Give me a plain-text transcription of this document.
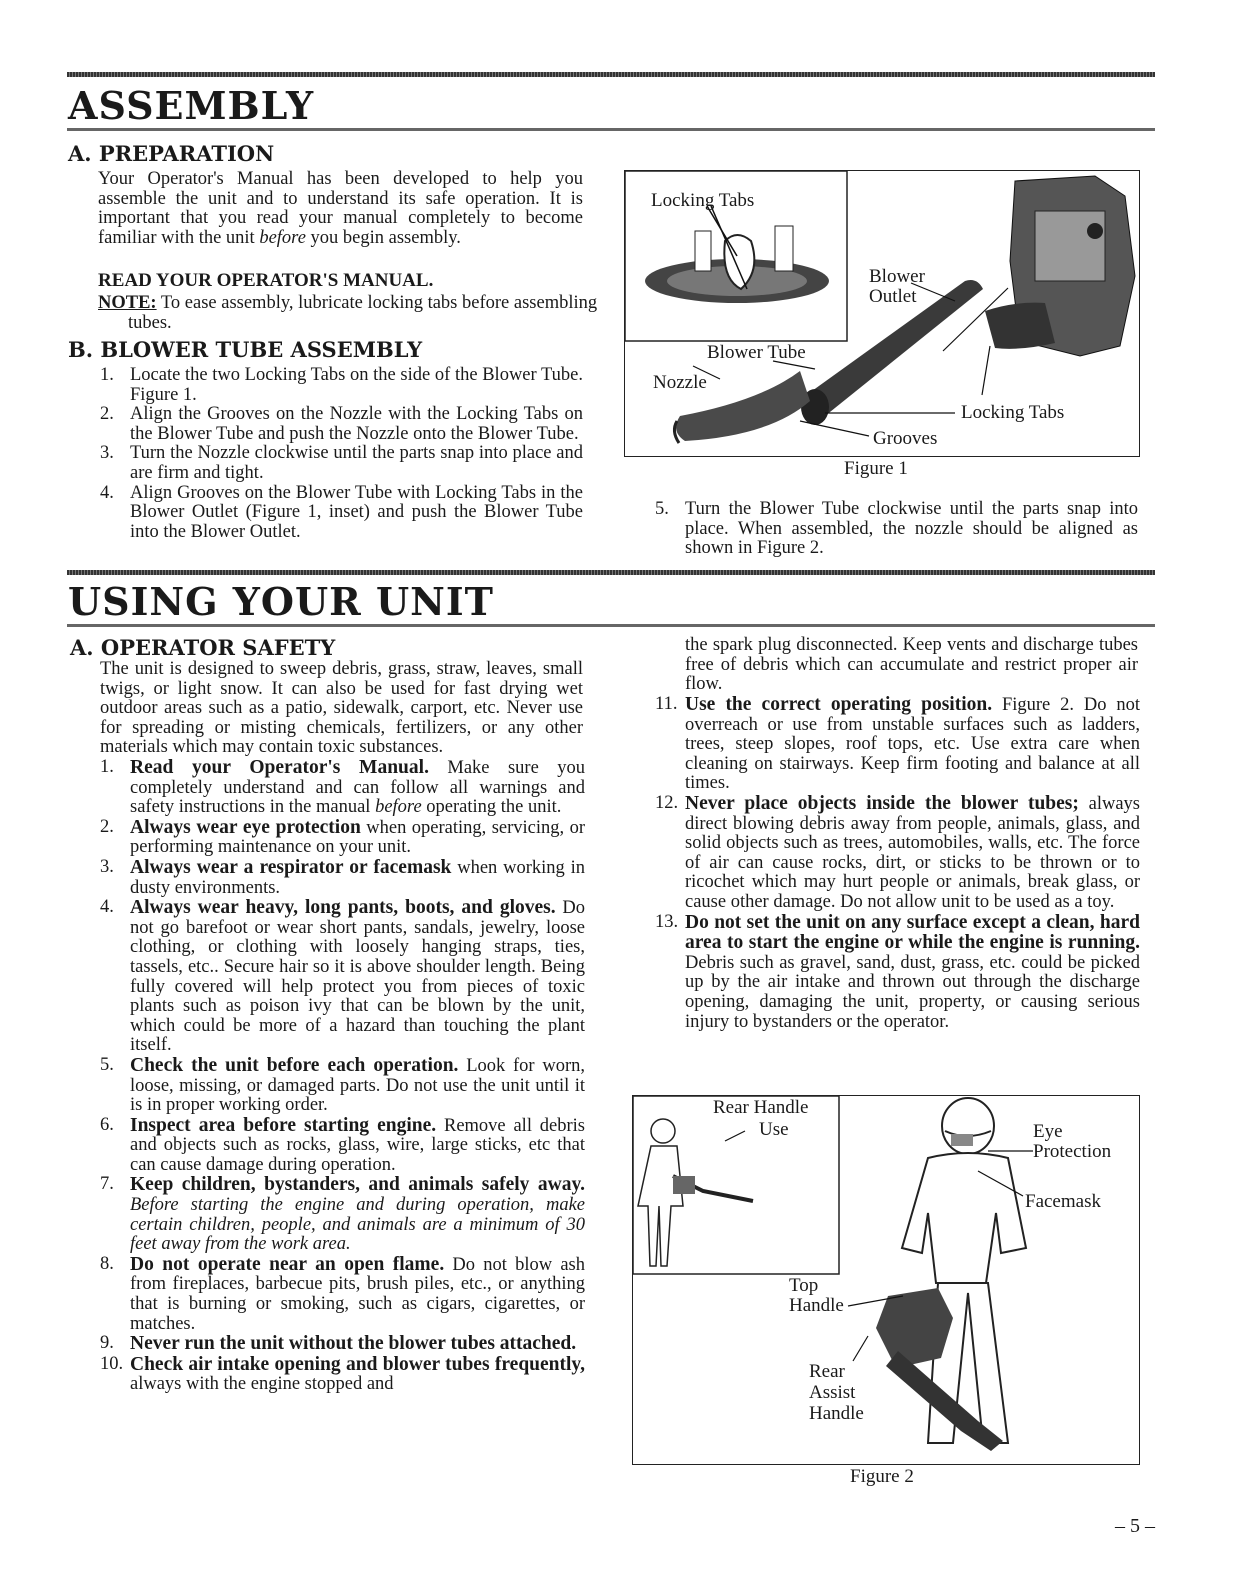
ASSEMBLY
A. PREPARATION

Your Operator's Manual has been developed to help you assemble the unit and to understand its safe operation. It is important that you read your manual completely to become familiar with the unit before you begin assembly.

READ YOUR OPERATOR'S MANUAL.

NOTE: To ease assembly, lubricate locking tabs before assembling tubes.

B. BLOWER TUBE ASSEMBLY
1. Locate the two Locking Tabs on the side of the Blower Tube. Figure 1.
2. Align the Grooves on the Nozzle with the Locking Tabs on the Blower Tube and push the Nozzle onto the Blower Tube.
3. Turn the Nozzle clockwise until the parts snap into place and are firm and tight.
4. Align Grooves on the Blower Tube with Locking Tabs in the Blower Outlet (Figure 1, inset) and push the Blower Tube into the Blower Outlet.
Locking Tabs
Blower
Outlet
Blower Tube
Nozzle
Locking Tabs
Grooves
Figure 1
5. Turn the Blower Tube clockwise until the parts snap into place. When assembled, the nozzle should be aligned as shown in Figure 2.
USING YOUR UNIT
A. OPERATOR SAFETY

The unit is designed to sweep debris, grass, straw, leaves, small twigs, or light snow. It can also be used for fast drying wet outdoor areas such as a patio, sidewalk, carport, etc. Never use for spreading or misting chemicals, fertilizers, or any other materials which may contain toxic substances.

1. Read your Operator's Manual. Make sure you completely understand and can follow all warnings and safety instructions in the manual before operating the unit.
2. Always wear eye protection when operating, servicing, or performing maintenance on your unit.
3. Always wear a respirator or facemask when working in dusty environments.
4. Always wear heavy, long pants, boots, and gloves. Do not go barefoot or wear short pants, sandals, jewelry, loose clothing, or clothing with loosely hanging straps, ties, tassels, etc.. Secure hair so it is above shoulder length. Being fully covered will help protect you from pieces of toxic plants such as poison ivy that can be blown by the unit, which could be more of a hazard than touching the plant itself.
5. Check the unit before each operation. Look for worn, loose, missing, or damaged parts. Do not use the unit until it is in proper working order.
6. Inspect area before starting engine. Remove all debris and objects such as rocks, glass, wire, large sticks, etc that can cause damage during operation.
7. Keep children, bystanders, and animals safely away. Before starting the engine and during operation, make certain children, people, and animals are a minimum of 30 feet away from the work area.
8. Do not operate near an open flame. Do not blow ash from fireplaces, barbecue pits, brush piles, etc., or anything that is burning or smoking, such as cigars, cigarettes, or matches.
9. Never run the unit without the blower tubes attached.
10. Check air intake opening and blower tubes frequently, always with the engine stopped and

the spark plug disconnected. Keep vents and discharge tubes free of debris which can accumulate and restrict proper air flow.

11. Use the correct operating position. Figure 2. Do not overreach or use from unstable surfaces such as ladders, trees, steep slopes, roof tops, etc. Use extra care when cleaning on stairways. Keep firm footing and balance at all times.
12. Never place objects inside the blower tubes; always direct blowing debris away from people, animals, glass, and solid objects such as trees, automobiles, walls, etc. The force of air can cause rocks, dirt, or sticks to be thrown or to ricochet which may hurt people or animals, break glass, or cause other damage. Do not allow unit to be used as a toy.
13. Do not set the unit on any surface except a clean, hard area to start the engine or while the engine is running. Debris such as gravel, sand, dust, grass, etc. could be picked up by the air intake and thrown out through the discharge opening, damaging the unit, property, or causing serious injury to bystanders or the operator.
Rear Handle
Use	Eye
Protection
Facemask
Top
Handle
Rear
Assist
Handle
Figure 2
– 5 –
